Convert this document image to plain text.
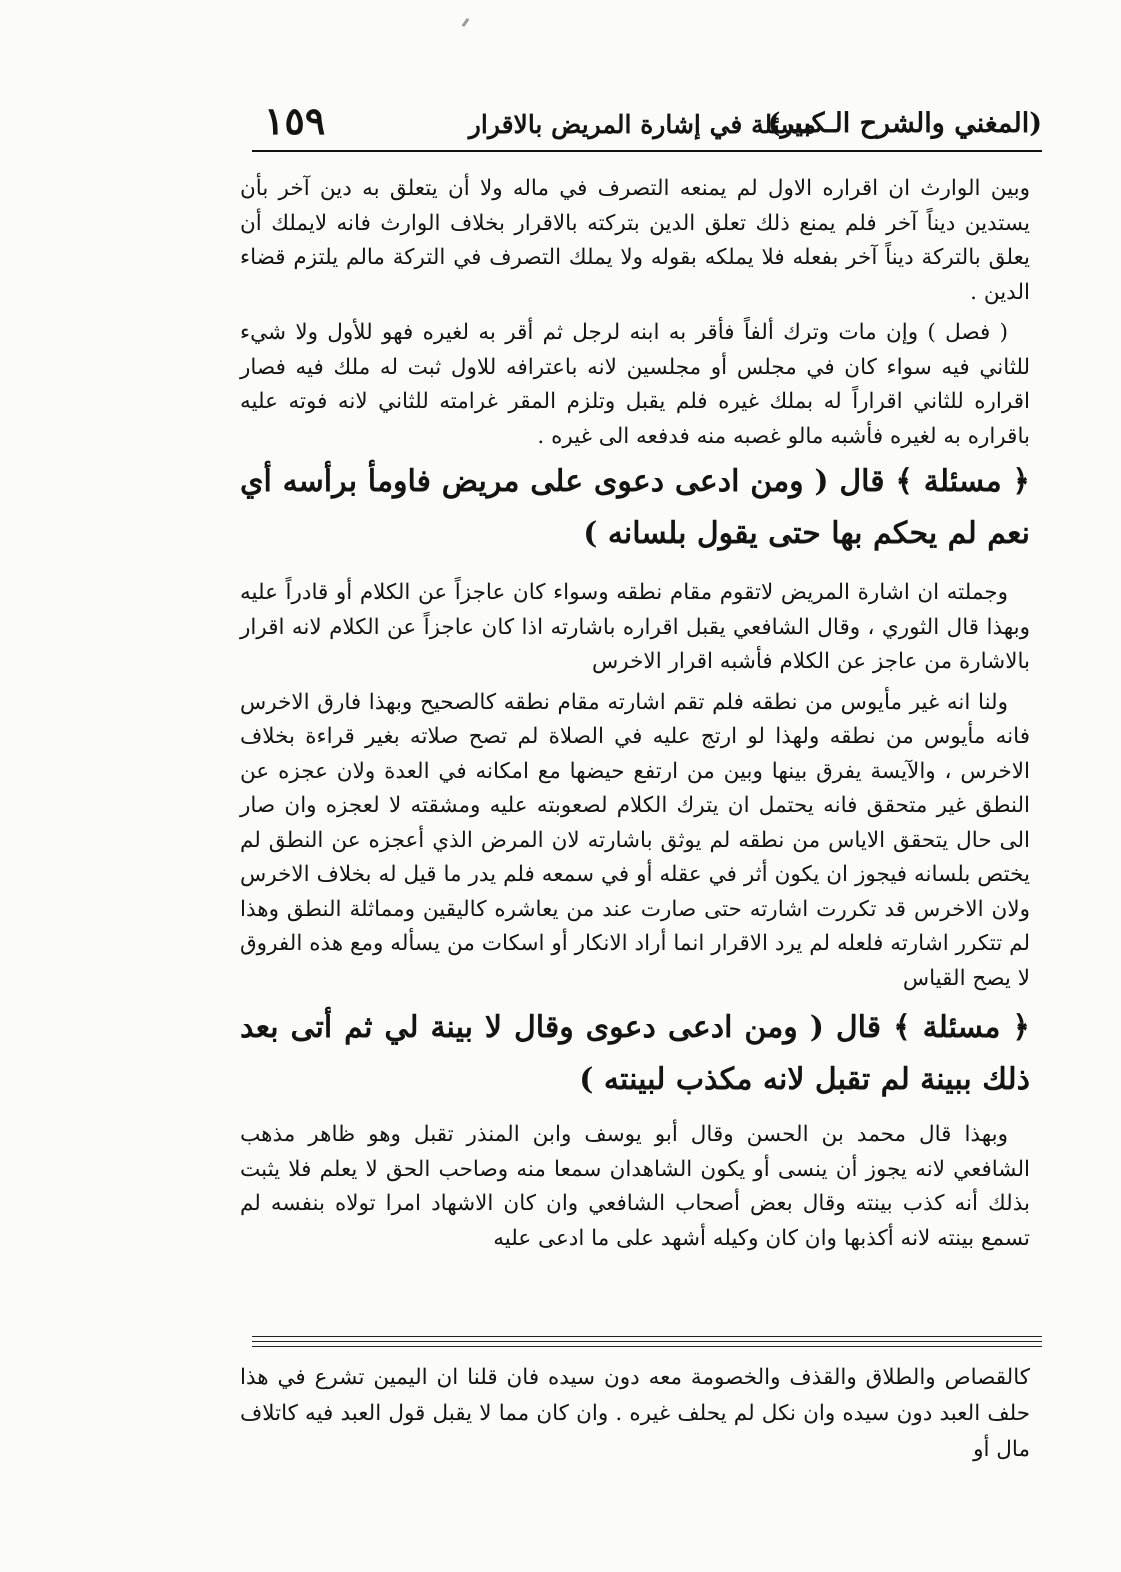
١٥٩	مسئلة في إشارة المريض بالاقرار
(المغني والشرح الـكبير)

وبين الوارث ان اقراره الاول لم يمنعه التصرف في ماله ولا أن يتعلق به دين آخر بأن يستدين ديناً آخر فلم يمنع ذلك تعلق الدين بتركته بالاقرار بخلاف الوارث فانه لايملك أن يعلق بالتركة ديناً آخر بفعله فلا يملكه بقوله ولا يملك التصرف في التركة مالم يلتزم قضاء الدين .

( فصل ) وإن مات وترك ألفاً فأقر به ابنه لرجل ثم أقر به لغيره فهو للأول ولا شيء للثاني فيه سواء كان في مجلس أو مجلسين لانه باعترافه للاول ثبت له ملك فيه فصار اقراره للثاني اقراراً له بملك غيره فلم يقبل وتلزم المقر غرامته للثاني لانه فوته عليه باقراره به لغيره فأشبه مالو غصبه منه فدفعه الى غيره .

﴿ مسئلة ﴾ قال ( ومن ادعى دعوى على مريض فاومأ برأسه أي نعم لم يحكم بها حتى يقول بلسانه )

وجملته ان اشارة المريض لاتقوم مقام نطقه وسواء كان عاجزاً عن الكلام أو قادراً عليه وبهذا قال الثوري ، وقال الشافعي يقبل اقراره باشارته اذا كان عاجزاً عن الكلام لانه اقرار بالاشارة من عاجز عن الكلام فأشبه اقرار الاخرس

ولنا انه غير مأيوس من نطقه فلم تقم اشارته مقام نطقه كالصحيح وبهذا فارق الاخرس فانه مأيوس من نطقه ولهذا لو ارتج عليه في الصلاة لم تصح صلاته بغير قراءة بخلاف الاخرس ، والآيسة يفرق بينها وبين من ارتفع حيضها مع امكانه في العدة ولان عجزه عن النطق غير متحقق فانه يحتمل ان يترك الكلام لصعوبته عليه ومشقته لا لعجزه وان صار الى حال يتحقق الاياس من نطقه لم يوثق باشارته لان المرض الذي أعجزه عن النطق لم يختص بلسانه فيجوز ان يكون أثر في عقله أو في سمعه فلم يدر ما قيل له بخلاف الاخرس ولان الاخرس قد تكررت اشارته حتى صارت عند من يعاشره كاليقين ومماثلة النطق وهذا لم تتكرر اشارته فلعله لم يرد الاقرار انما أراد الانكار أو اسكات من يسأله ومع هذه الفروق لا يصح القياس

﴿ مسئلة ﴾ قال ( ومن ادعى دعوى وقال لا بينة لي ثم أتى بعد ذلك ببينة لم تقبل لانه مكذب لبينته )

وبهذا قال محمد بن الحسن وقال أبو يوسف وابن المنذر تقبل وهو ظاهر مذهب الشافعي لانه يجوز أن ينسى أو يكون الشاهدان سمعا منه وصاحب الحق لا يعلم فلا يثبت بذلك أنه كذب بينته وقال بعض أصحاب الشافعي وان كان الاشهاد امرا تولاه بنفسه لم تسمع بينته لانه أكذبها وان كان وكيله أشهد على ما ادعى عليه

كالقصاص والطلاق والقذف والخصومة معه دون سيده فان قلنا ان اليمين تشرع في هذا حلف العبد دون سيده وان نكل لم يحلف غيره . وان كان مما لا يقبل قول العبد فيه كاتلاف مال أو
